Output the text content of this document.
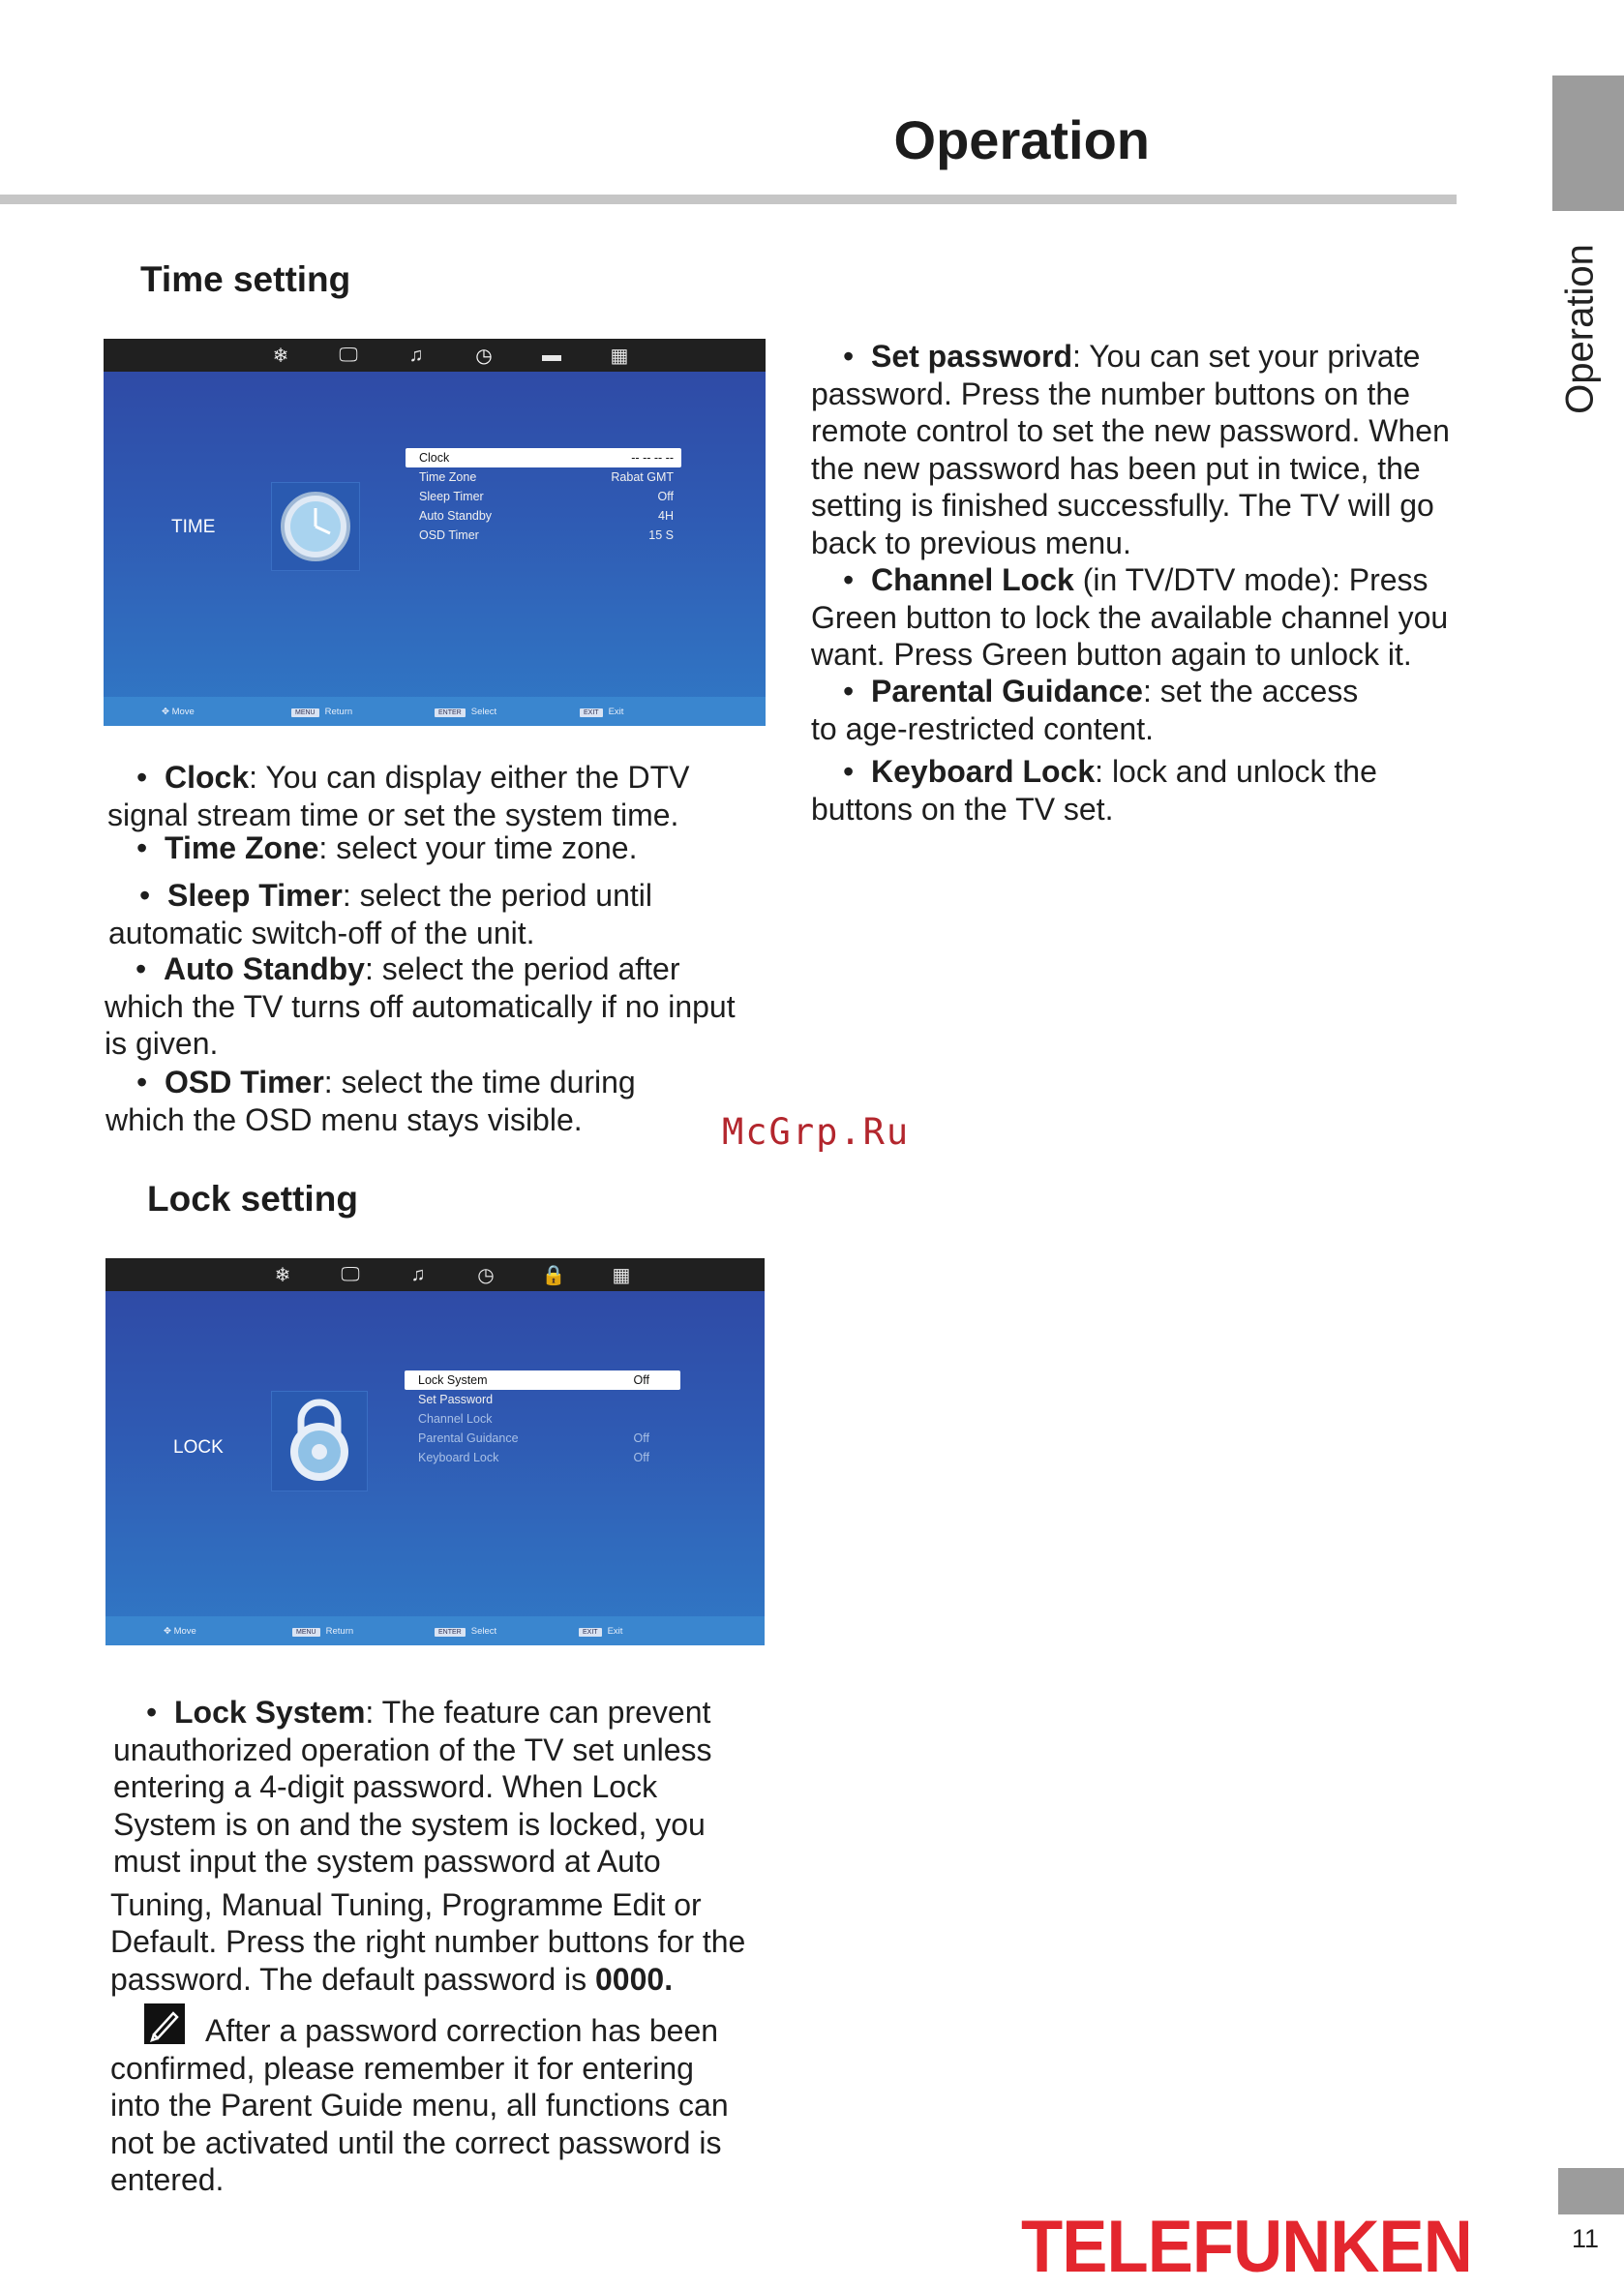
Operation
Operation
Time setting
❄	🖵	♫	◷	▬	▦
TIME
Clock	-- -- -- --
Time Zone	Rabat GMT
Sleep Timer	Off
Auto Standby	4H
OSD Timer	15 S
✥ Move	MENU Return	ENTER Select	EXIT Exit
•  Clock: You can display either the DTV
signal stream time or set the system time.
•  Time Zone: select your time zone.
•  Sleep Timer: select the period until
automatic switch-off of the unit.
•  Auto Standby: select the period after
which the TV turns off automatically if no input
is given.
•  OSD Timer: select the time during
which the OSD menu stays visible.	McGrp.Ru
Lock setting
❄	🖵	♫	◷	🔒	▦
LOCK
Lock System	Off
Set Password
Channel Lock
Parental Guidance	Off
Keyboard Lock	Off
✥ Move	MENU Return	ENTER Select	EXIT Exit
•  Lock System: The feature can prevent
unauthorized operation of the TV set unless
entering a 4-digit password. When Lock
System is on and the system is locked, you
must input the system password at Auto
Tuning, Manual Tuning, Programme Edit or
Default. Press the right number buttons for the
password. The default password is 0000.
After a password correction has been
confirmed, please remember it for entering
into the Parent Guide menu, all functions can
not be activated until the correct password is
entered.
•  Set password: You can set your private
password. Press the number buttons on the
remote control to set the new password. When
the new password has been put in twice, the
setting is finished successfully. The TV will go
back to previous menu.
•  Channel Lock (in TV/DTV mode): Press
Green button to lock the available channel you
want. Press Green button again to unlock it.
•  Parental Guidance: set the access
to age-restricted content.
•  Keyboard Lock: lock and unlock the
buttons on the TV set.
TELEFUNKEN	11
